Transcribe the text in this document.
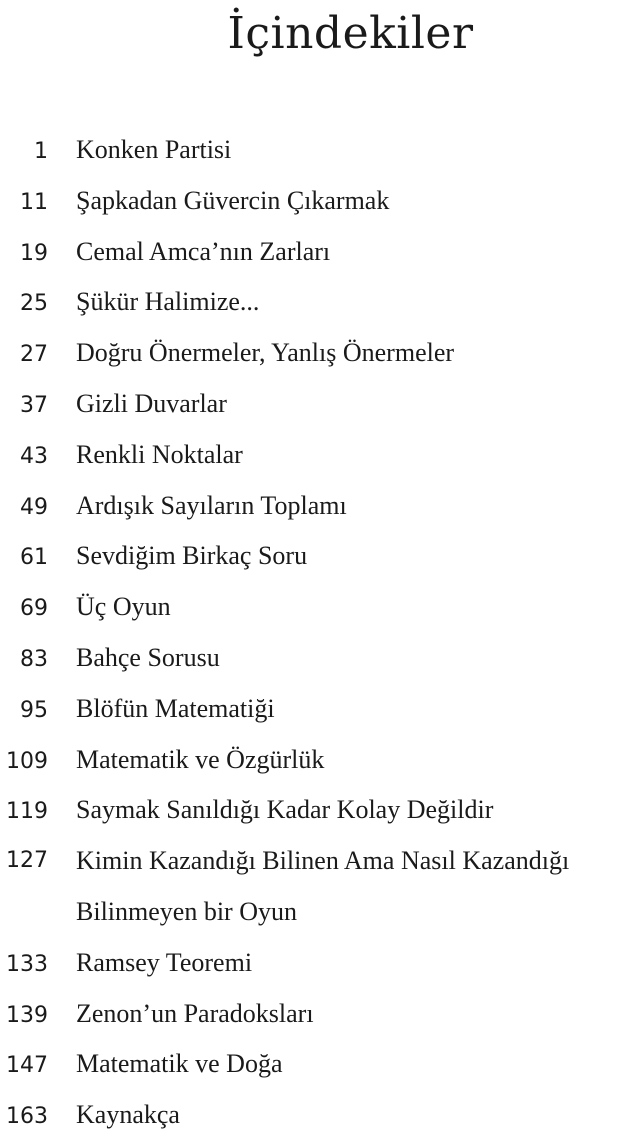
İçindekiler
1 Konken Partisi
11 Şapkadan Güvercin Çıkarmak
19 Cemal Amca’nın Zarları
25 Şükür Halimize...
27 Doğru Önermeler, Yanlış Önermeler
37 Gizli Duvarlar
43 Renkli Noktalar
49 Ardışık Sayıların Toplamı
61 Sevdiğim Birkaç Soru
69 Üç Oyun
83 Bahçe Sorusu
95 Blöfün Matematiği
109 Matematik ve Özgürlük
119 Saymak Sanıldığı Kadar Kolay Değildir
127 Kimin Kazandığı Bilinen Ama Nasıl Kazandığı
Bilinmeyen bir Oyun
133 Ramsey Teoremi
139 Zenon’un Paradoksları
147 Matematik ve Doğa
163 Kaynakça
